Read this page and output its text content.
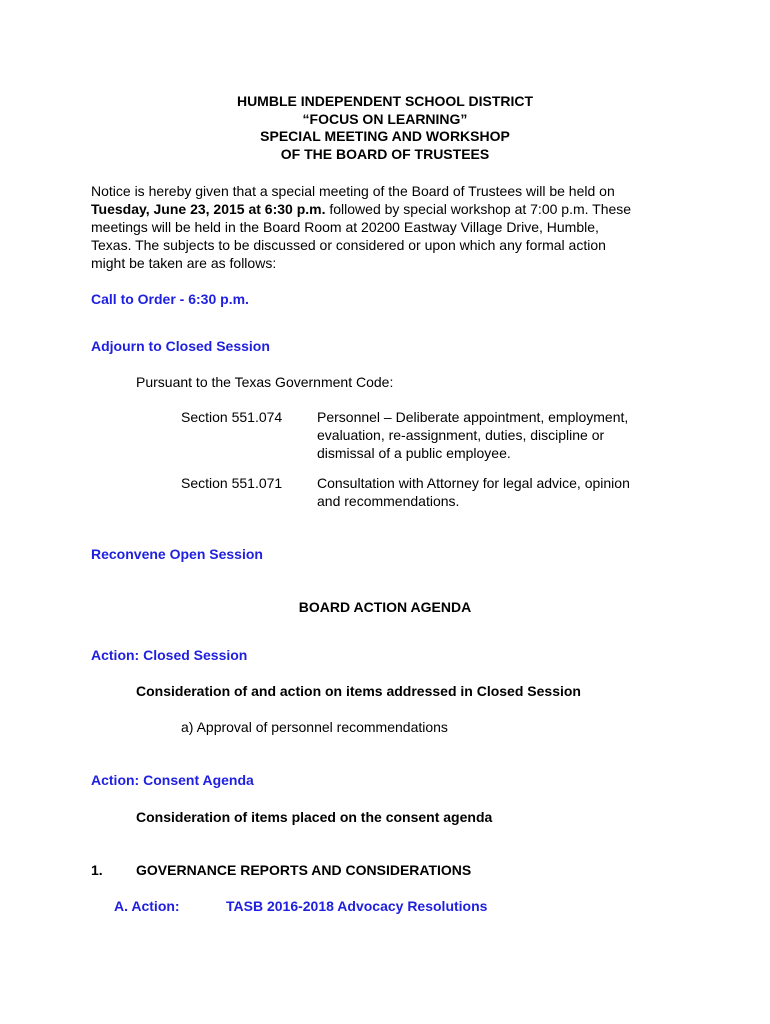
HUMBLE INDEPENDENT SCHOOL DISTRICT
“FOCUS ON LEARNING”
SPECIAL MEETING AND WORKSHOP
OF THE BOARD OF TRUSTEES
Notice is hereby given that a special meeting of the Board of Trustees will be held on
Tuesday, June 23, 2015 at 6:30 p.m. followed by special workshop at 7:00 p.m. These
meetings will be held in the Board Room at 20200 Eastway Village Drive, Humble,
Texas. The subjects to be discussed or considered or upon which any formal action
might be taken are as follows:
Call to Order - 6:30 p.m.
Adjourn to Closed Session
Pursuant to the Texas Government Code:
Section 551.074 Personnel – Deliberate appointment, employment,
evaluation, re-assignment, duties, discipline or
dismissal of a public employee.
Section 551.071 Consultation with Attorney for legal advice, opinion
and recommendations.
Reconvene Open Session
BOARD ACTION AGENDA
Action: Closed Session
Consideration of and action on items addressed in Closed Session
a) Approval of personnel recommendations
Action: Consent Agenda
Consideration of items placed on the consent agenda
1. GOVERNANCE REPORTS AND CONSIDERATIONS
A. Action:	TASB 2016-2018 Advocacy Resolutions
